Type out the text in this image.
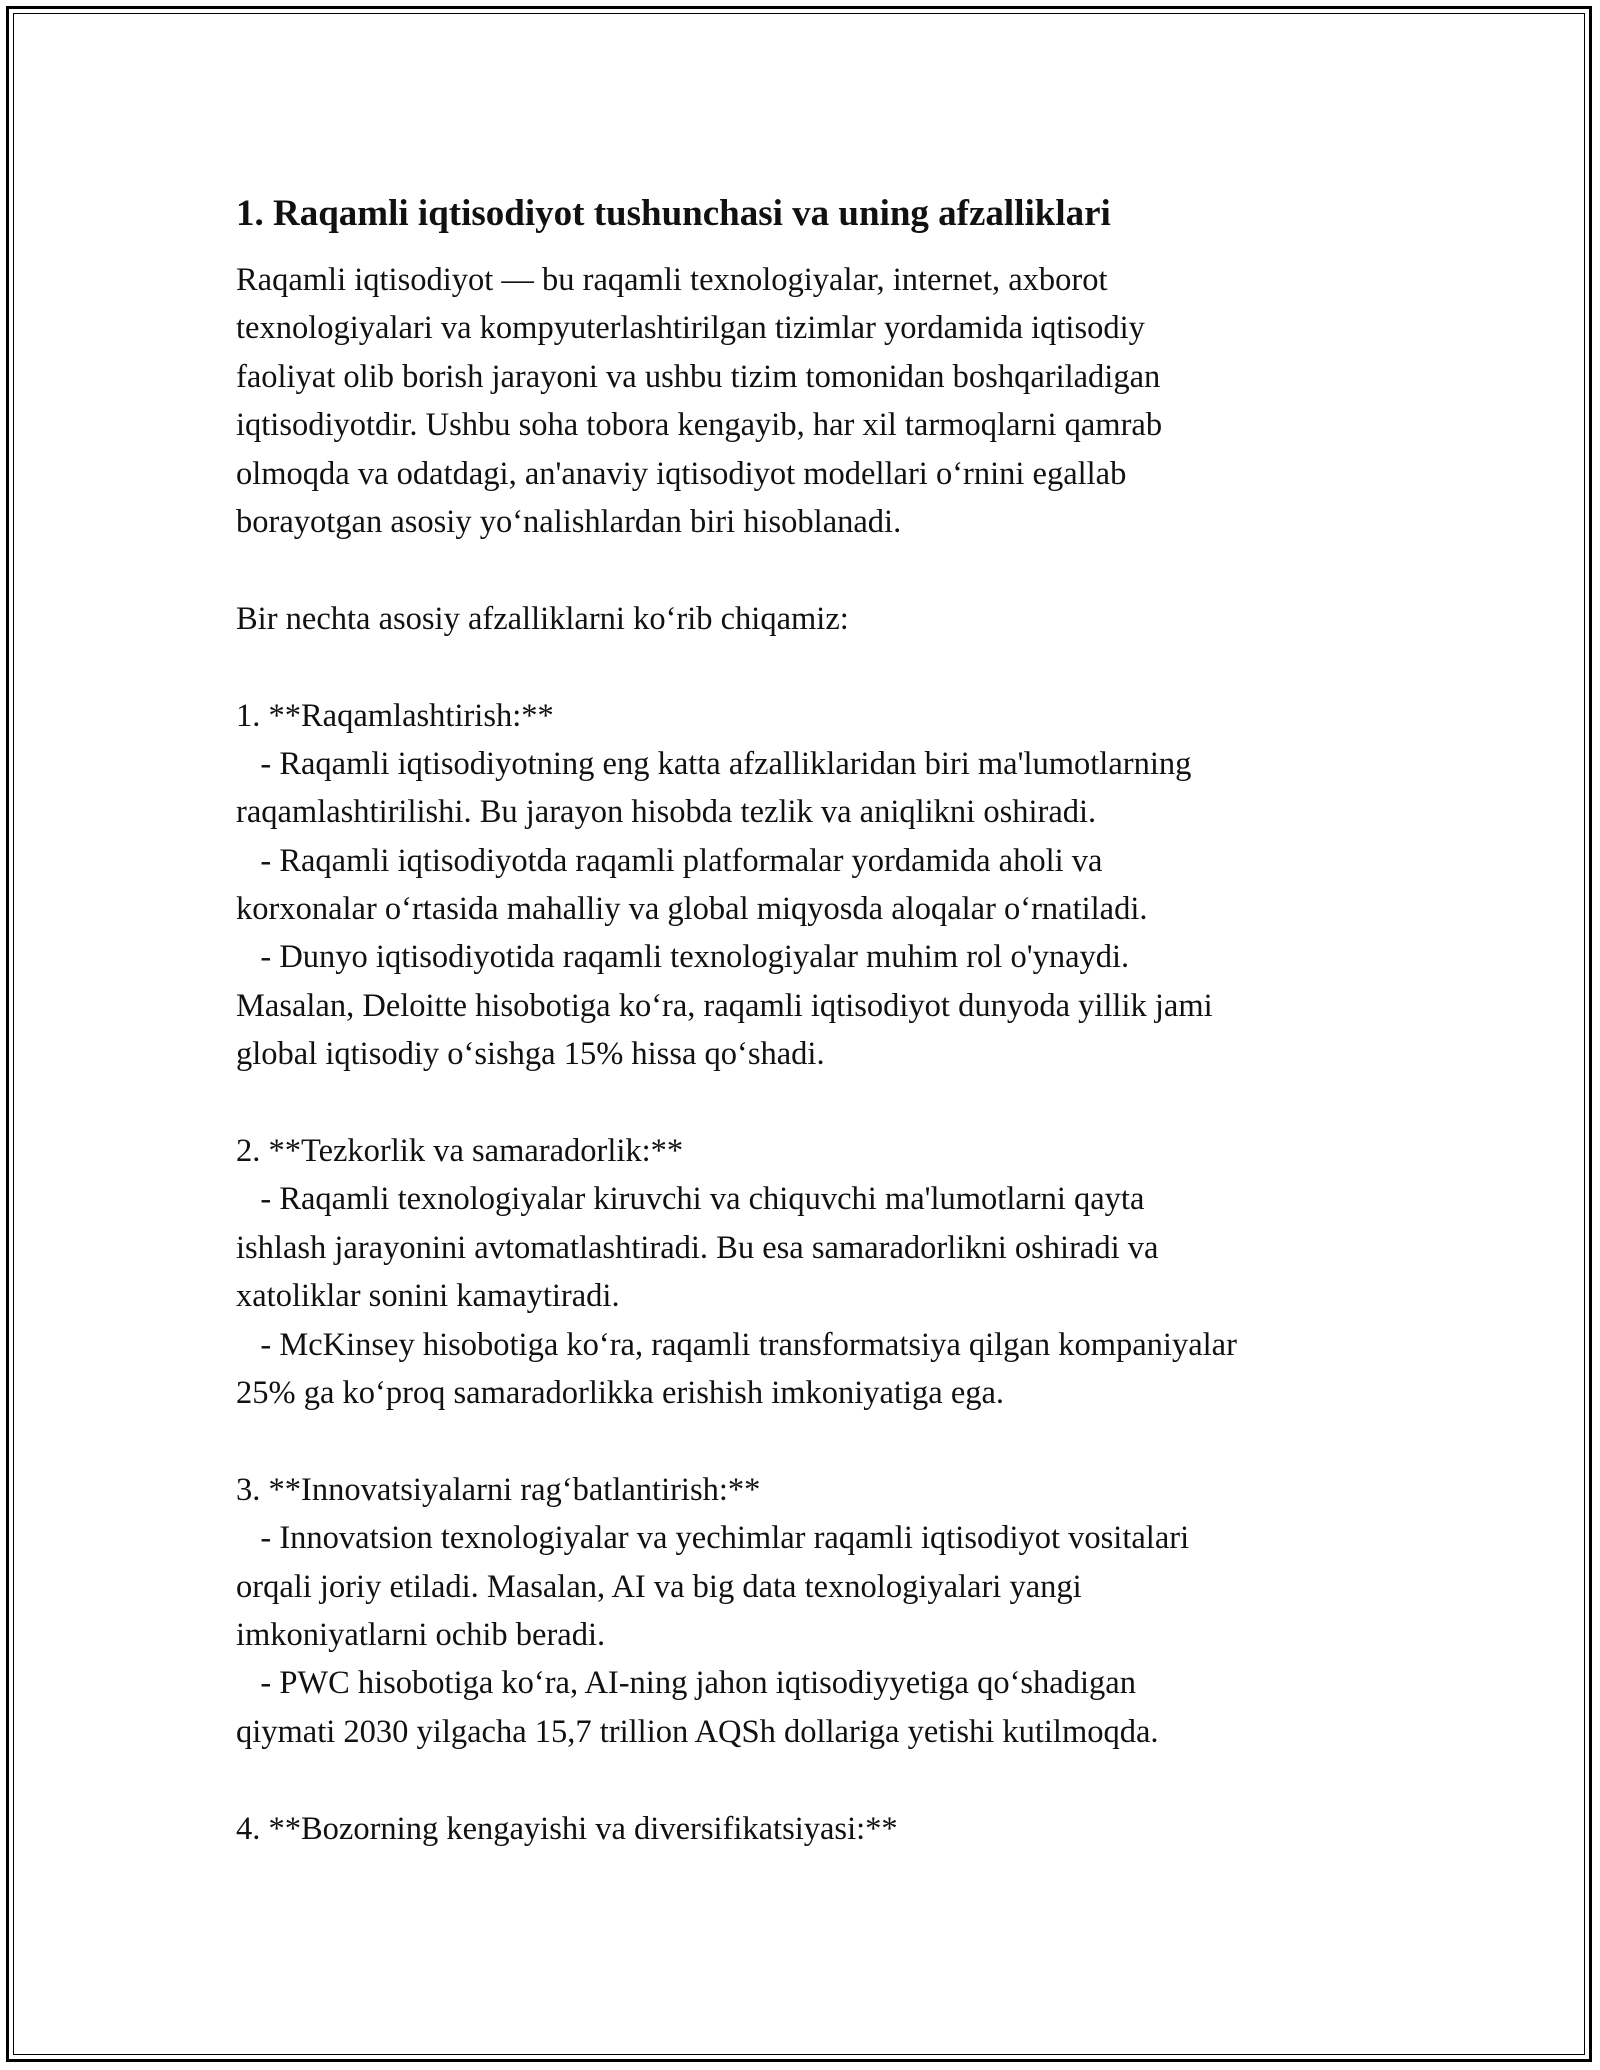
1. Raqamli iqtisodiyot tushunchasi va uning afzalliklari
Raqamli iqtisodiyot — bu raqamli texnologiyalar, internet, axborot
texnologiyalari va kompyuterlashtirilgan tizimlar yordamida iqtisodiy
faoliyat olib borish jarayoni va ushbu tizim tomonidan boshqariladigan
iqtisodiyotdir. Ushbu soha tobora kengayib, har xil tarmoqlarni qamrab
olmoqda va odatdagi, an'anaviy iqtisodiyot modellari o‘rnini egallab
borayotgan asosiy yo‘nalishlardan biri hisoblanadi.
Bir nechta asosiy afzalliklarni ko‘rib chiqamiz:
1. **Raqamlashtirish:**
- Raqamli iqtisodiyotning eng katta afzalliklaridan biri ma'lumotlarning
raqamlashtirilishi. Bu jarayon hisobda tezlik va aniqlikni oshiradi.
- Raqamli iqtisodiyotda raqamli platformalar yordamida aholi va
korxonalar o‘rtasida mahalliy va global miqyosda aloqalar o‘rnatiladi.
- Dunyo iqtisodiyotida raqamli texnologiyalar muhim rol o'ynaydi.
Masalan, Deloitte hisobotiga ko‘ra, raqamli iqtisodiyot dunyoda yillik jami
global iqtisodiy o‘sishga 15% hissa qo‘shadi.
2. **Tezkorlik va samaradorlik:**
- Raqamli texnologiyalar kiruvchi va chiquvchi ma'lumotlarni qayta
ishlash jarayonini avtomatlashtiradi. Bu esa samaradorlikni oshiradi va
xatoliklar sonini kamaytiradi.
- McKinsey hisobotiga ko‘ra, raqamli transformatsiya qilgan kompaniyalar
25% ga ko‘proq samaradorlikka erishish imkoniyatiga ega.
3. **Innovatsiyalarni rag‘batlantirish:**
- Innovatsion texnologiyalar va yechimlar raqamli iqtisodiyot vositalari
orqali joriy etiladi. Masalan, AI va big data texnologiyalari yangi
imkoniyatlarni ochib beradi.
- PWC hisobotiga ko‘ra, AI-ning jahon iqtisodiyyetiga qo‘shadigan
qiymati 2030 yilgacha 15,7 trillion AQSh dollariga yetishi kutilmoqda.
4. **Bozorning kengayishi va diversifikatsiyasi:**
